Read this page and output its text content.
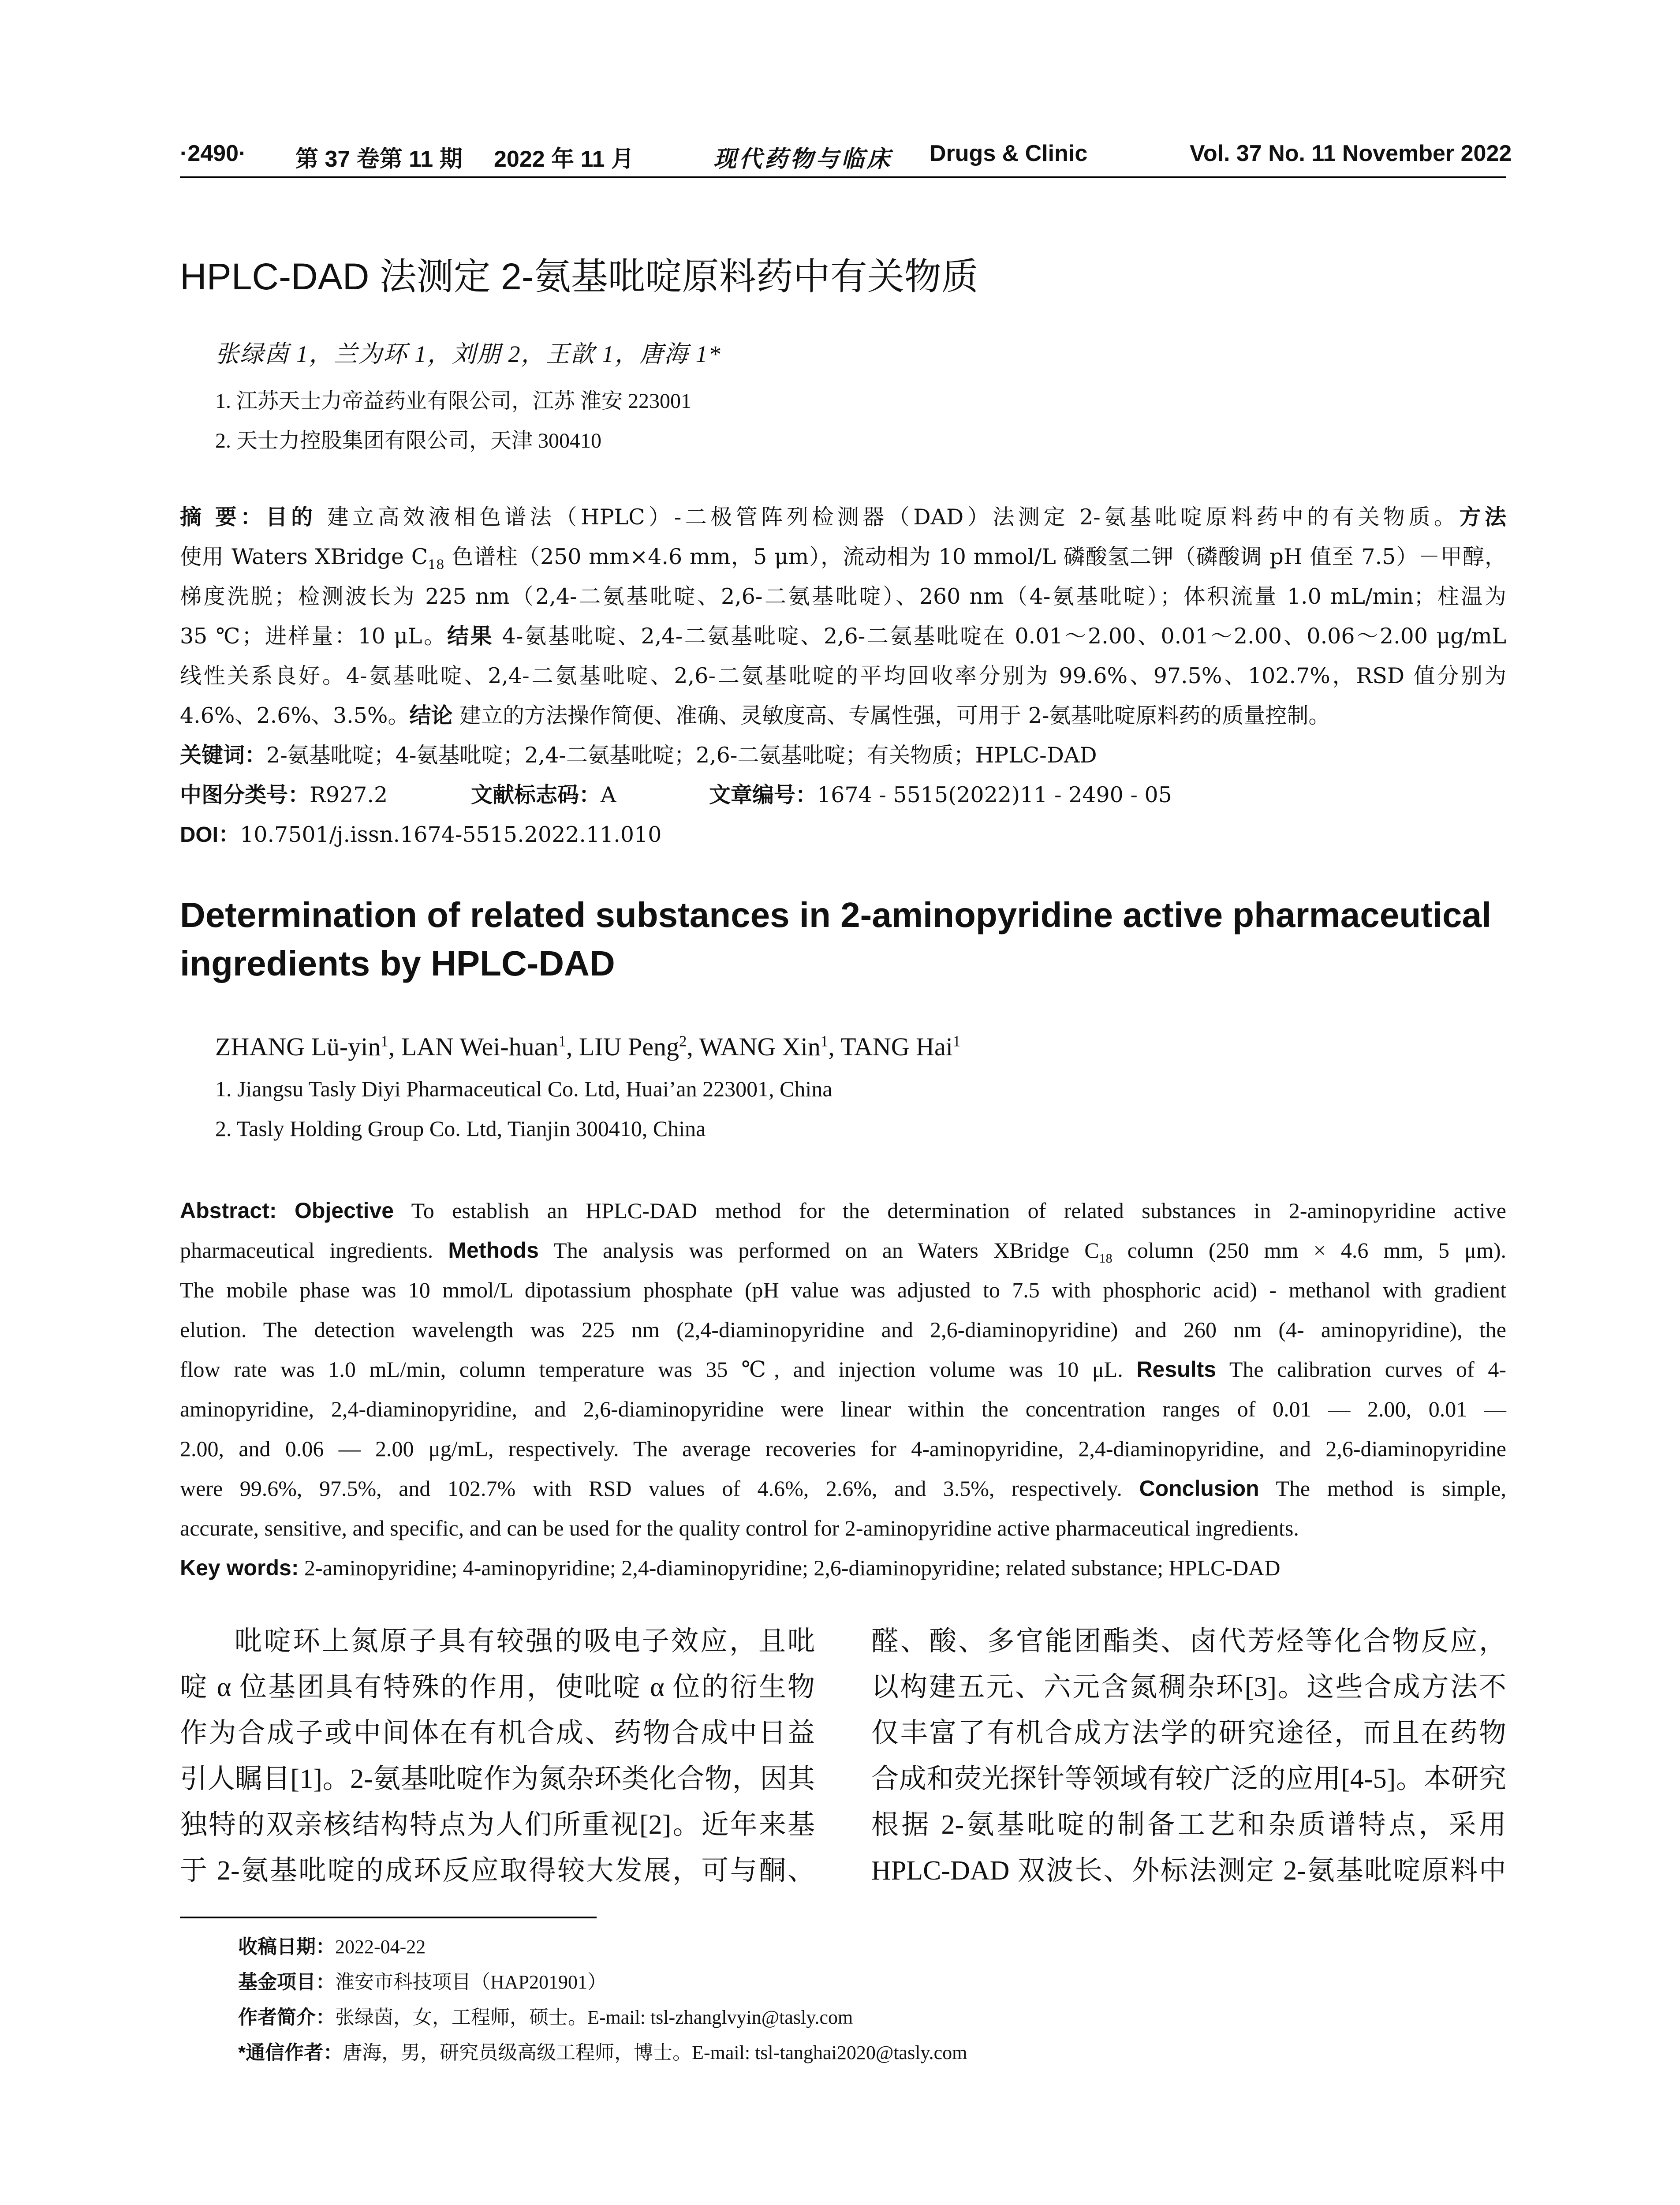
·2490· 第 37 卷第 11 期 2022 年 11 月	现代药物与临床 Drugs & Clinic	Vol. 37 No. 11 November 2022
HPLC-DAD 法测定 2-氨基吡啶原料药中有关物质
张绿茵 1，兰为环 1，刘朋 2，王歆 1，唐海 1*
1. 江苏天士力帝益药业有限公司，江苏 淮安 223001
2. 天士力控股集团有限公司，天津 300410
摘 要：目的 建立高效液相色谱法（HPLC）-二极管阵列检测器（DAD）法测定 2-氨基吡啶原料药中的有关物质。方法
使用 Waters XBridge $C_{18}$ 色谱柱（250 mm×4.6 mm，5 μm），流动相为 10 mmol/L 磷酸氢二钾（磷酸调 pH 值至 7.5）－甲醇，
梯度洗脱；检测波长为 225 nm（2,4-二氨基吡啶、2,6-二氨基吡啶）、260 nm（4-氨基吡啶）；体积流量 1.0 mL/min；柱温为
35 ℃；进样量：10 μL。结果 4-氨基吡啶、2,4-二氨基吡啶、2,6-二氨基吡啶在 0.01～2.00、0.01～2.00、0.06～2.00 μg/mL
线性关系良好。4-氨基吡啶、2,4-二氨基吡啶、2,6-二氨基吡啶的平均回收率分别为 99.6%、97.5%、102.7%，RSD 值分别为
4.6%、2.6%、3.5%。结论 建立的方法操作简便、准确、灵敏度高、专属性强，可用于 2-氨基吡啶原料药的质量控制。
关键词：2-氨基吡啶；4-氨基吡啶；2,4-二氨基吡啶；2,6-二氨基吡啶；有关物质；HPLC-DAD
中图分类号：R927.2	文献标志码：A	文章编号：1674 - 5515(2022)11 - 2490 - 05
DOI：10.7501/j.issn.1674-5515.2022.11.010
Determination of related substances in 2-aminopyridine active pharmaceutical ingredients by HPLC-DAD
ZHANG Lü-yin$^1$, LAN Wei-huan$^1$, LIU Peng$^2$, WANG Xin$^1$, TANG Hai$^1$
1. Jiangsu Tasly Diyi Pharmaceutical Co. Ltd, Huai’an 223001, China
2. Tasly Holding Group Co. Ltd, Tianjin 300410, China
Abstract: Objective To establish an HPLC-DAD method for the determination of related substances in 2-aminopyridine active
pharmaceutical ingredients. Methods The analysis was performed on an Waters XBridge $C_{18}$ column (250 mm × 4.6 mm, 5 μm).
The mobile phase was 10 mmol/L dipotassium phosphate (pH value was adjusted to 7.5 with phosphoric acid) - methanol with gradient
elution. The detection wavelength was 225 nm (2,4-diaminopyridine and 2,6-diaminopyridine) and 260 nm (4- aminopyridine), the
flow rate was 1.0 mL/min, column temperature was 35 ℃, and injection volume was 10 μL. Results The calibration curves of 4-
aminopyridine, 2,4-diaminopyridine, and 2,6-diaminopyridine were linear within the concentration ranges of 0.01 — 2.00, 0.01 —
2.00, and 0.06 — 2.00 μg/mL, respectively. The average recoveries for 4-aminopyridine, 2,4-diaminopyridine, and 2,6-diaminopyridine
were 99.6%, 97.5%, and 102.7% with RSD values of 4.6%, 2.6%, and 3.5%, respectively. Conclusion The method is simple,
accurate, sensitive, and specific, and can be used for the quality control for 2-aminopyridine active pharmaceutical ingredients.
Key words: 2-aminopyridine; 4-aminopyridine; 2,4-diaminopyridine; 2,6-diaminopyridine; related substance; HPLC-DAD
吡啶环上氮原子具有较强的吸电子效应，且吡
啶 α 位基团具有特殊的作用，使吡啶 α 位的衍生物
作为合成子或中间体在有机合成、药物合成中日益
引人瞩目[1]。2-氨基吡啶作为氮杂环类化合物，因其
独特的双亲核结构特点为人们所重视[2]。近年来基
于 2-氨基吡啶的成环反应取得较大发展，可与酮、
醛、酸、多官能团酯类、卤代芳烃等化合物反应，
以构建五元、六元含氮稠杂环[3]。这些合成方法不
仅丰富了有机合成方法学的研究途径，而且在药物
合成和荧光探针等领域有较广泛的应用[4-5]。本研究
根据 2-氨基吡啶的制备工艺和杂质谱特点，采用
HPLC-DAD 双波长、外标法测定 2-氨基吡啶原料中
收稿日期：2022-04-22
基金项目：淮安市科技项目（HAP201901）
作者简介：张绿茵，女，工程师，硕士。E-mail: tsl-zhanglvyin@tasly.com
*通信作者：唐海，男，研究员级高级工程师，博士。E-mail: tsl-tanghai2020@tasly.com
